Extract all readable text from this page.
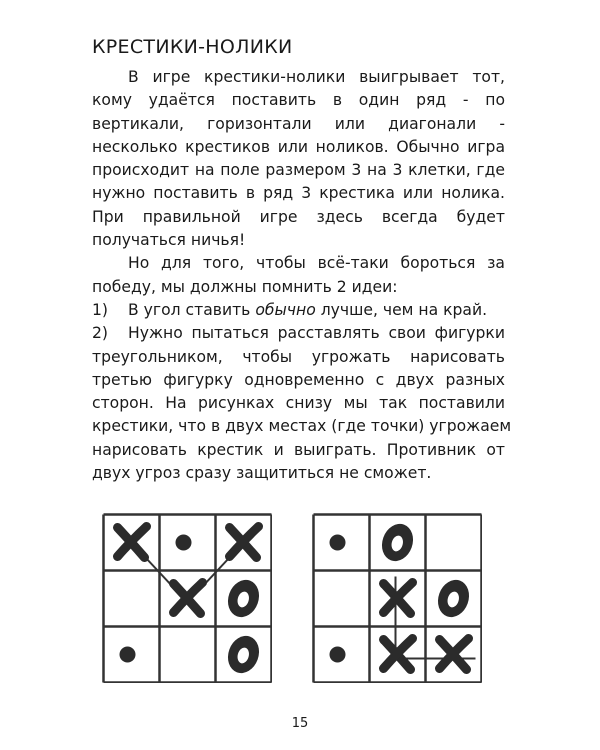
КРЕСТИКИ-НОЛИКИ
В игре крестики-нолики выигрывает тот,
кому удаётся поставить в один ряд - по
вертикали, горизонтали или диагонали -
несколько крестиков или ноликов. Обычно игра
происходит на поле размером 3 на 3 клетки, где
нужно поставить в ряд 3 крестика или нолика.
При правильной игре здесь всегда будет
получаться ничья!
Но для того, чтобы всё-таки бороться за
победу, мы должны помнить 2 идеи:
1) В угол ставить обычно лучше, чем на край.
2) Нужно пытаться расставлять свои фигурки
треугольником, чтобы угрожать нарисовать
третью фигурку одновременно с двух разных
сторон. На рисунках снизу мы так поставили
крестики, что в двух местах (где точки) угрожаем
нарисовать крестик и выиграть. Противник от
двух угроз сразу защититься не сможет.
15
